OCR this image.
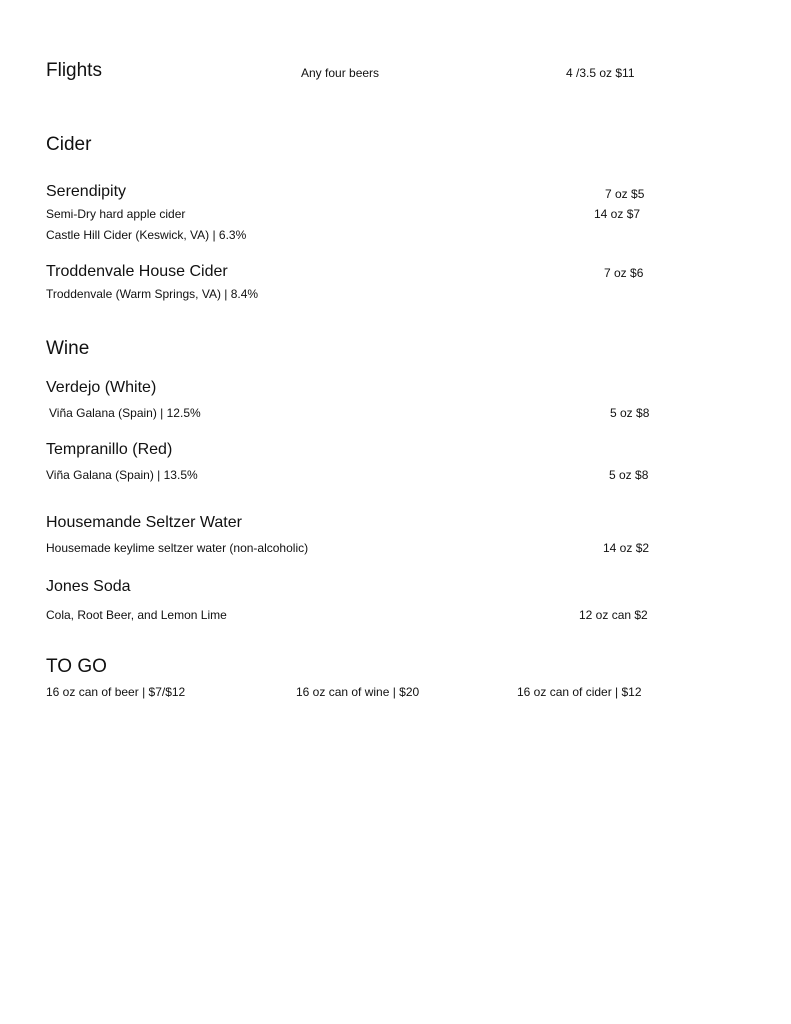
Flights	Any four beers	4 /3.5 oz $11
Cider
Serendipity
Semi-Dry hard apple cider
Castle Hill Cider (Keswick, VA) | 6.3%
7 oz $5
14 oz $7
Troddenvale House Cider
Troddenvale (Warm Springs, VA) | 8.4%
7 oz $6
Wine
Verdejo (White)
Viña Galana (Spain) | 12.5%	5 oz $8
Tempranillo (Red)
Viña Galana (Spain) | 13.5%	5 oz $8
Housemande Seltzer Water
Housemade keylime seltzer water (non-alcoholic)	14 oz $2
Jones Soda
Cola, Root Beer, and Lemon Lime	12 oz can $2
TO GO
16 oz can of beer | $7/$12	16 oz can of wine | $20	16 oz can of cider | $12
